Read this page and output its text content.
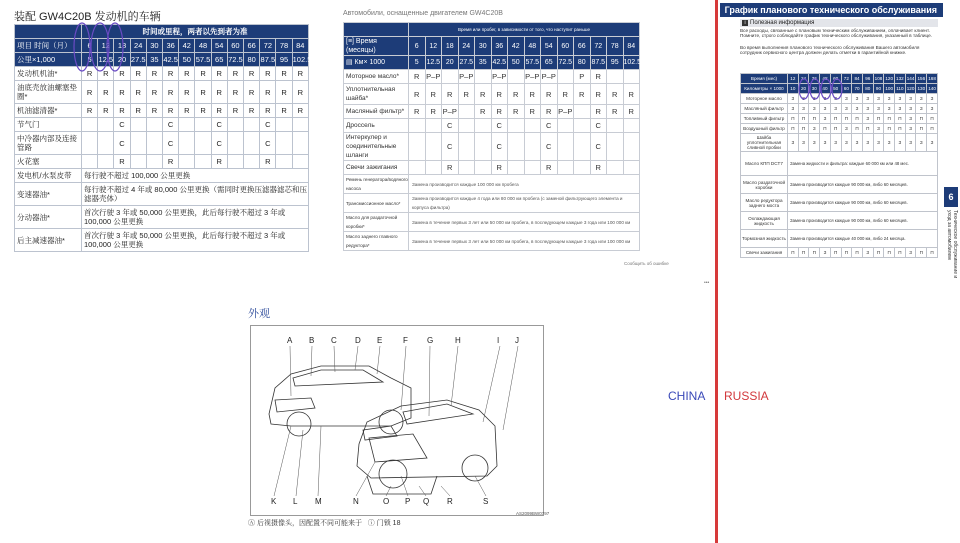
装配 GW4C20B 发动机的车辆
	时间或里程，两者以先到者为准													
项目 时间（月）	6	12	18	24	30	36	42	48	54	60	66	72	78	84
公里×1,000	5	12.5	20	27.5	35	42.5	50	57.5	65	72.5	80	87.5	95	102.5
发动机机油*	R	R	R	R	R	R	R	R	R	R	R	R	R	R
油底壳放油螺塞垫圈*	R	R	R	R	R	R	R	R	R	R	R	R	R	R
机油滤清器*	R	R	R	R	R	R	R	R	R	R	R	R	R	R
节气门			C			C			C			C		
中冷器内部及连接管路			C			C			C			C		
火花塞			R			R			R			R		
发电机/水泵皮带	每行驶不超过 100,000 公里更换													
变速器油*	每行驶不超过 4 年或 80,000 公里更换（需同时更换压滤器滤芯和压滤器壳体）													
分动器油*	首次行驶 3 年或 50,000 公里更换，此后每行驶不超过 3 年或 100,000 公里更换													
后主减速器油*	首次行驶 3 年或 50,000 公里更换，此后每行驶不超过 3 年或 100,000 公里更换													
Автомобили, оснащенные двигателем GW4C20B
	Время или пробег, в зависимости от того, что наступит раньше													
[≡] Время (месяцы)	6	12	18	24	30	36	42	48	54	60	66	72	78	84
▤ Км× 1000	5	12.5	20	27.5	35	42.5	50	57.5	65	72.5	80	87.5	95	102.5
Моторное масло*	R	P–P		P–P		P–P		P–P	P–P		P	R		
Уплотнительная шайба*	R	R	R	R	R	R	R	R	R	R	R	R	R	R
Масляный фильтр*	R	R	P–P		R	R	R	R	R	P–P		R	R	R
Дроссель			C			C			C			C		
Интеркулер и соединительные шланги			C			C			C			C		
Свечи зажигания			R			R			R			R		
Ремень генератора/водяного насоса	Замена производится каждые 100 000 км пробега													
Трансмиссионное масло*	Замена производится каждые 4 года или 80 000 км пробега (с заменой фильтрующего элемента и корпуса фильтра)													
Масло для раздаточной коробки*	Замена в течение первых 3 лет или 50 000 км пробега, в последующем каждые 3 года или 100 000 км													
Масло заднего главного редуктора*	Замена в течение первых 3 лет или 50 000 км пробега, в последующем каждые 3 года или 100 000 км													
Сообщить об ошибке
•••
График планового технического обслуживания
i Полезная информация
Все расходы, связанные с плановым техническим обслуживанием, оплачивает клиент. Помните, строго соблюдайте график технического обслуживания, указанный в таблице.
Во время выполнения планового технического обслуживания Вашего автомобиля сотрудник сервисного центра должен делать отметки в гарантийной книжке.
Время (мес)	12	24	36	48	60	72	84	96	108	120	132	144	156	168
Километры × 1000	10	20	30	40	50	60	70	80	90	100	110	120	130	140
Моторное масло	З	З	З	З	З	З	З	З	З	З	З	З	З	З
Масляный фильтр	З	З	З	З	З	З	З	З	З	З	З	З	З	З
Топливный фильтр	П	П	П	З	П	П	П	З	П	П	П	З	П	П
Воздушный фильтр	П	П	З	П	П	З	П	П	З	П	П	З	П	П
Шайба уплотнительная сливной пробки	З	З	З	З	З	З	З	З	З	З	З	З	З	З
Масло КПП DCT7	Замена жидкости и фильтра: каждые 60 000 км или 48 мес.													
Масло раздаточной коробки	Замена производится каждые 90 000 км, либо 60 месяцев.													
Масло редуктора заднего моста	Замена производится каждые 90 000 км, либо 60 месяцев.													
Охлаждающая жидкость	Замена производится каждые 90 000 км, либо 60 месяцев.													
Тормозная жидкость	Замена производится каждые 40 000 км, либо 24 месяца.													
Свечи зажигания	П	П	П	З	П	П	П	З	П	П	П	З	П	П
6
Техническое обслуживание и уход за автомобилем
CHINA RUSSIA
外观
A B C D E	F G	H	I J
K L M	N	O P Q R	S
Ⓐ 后视摄像头，因配置不同可能来于 ⓘ 门锁 18
AS2099BW0797
